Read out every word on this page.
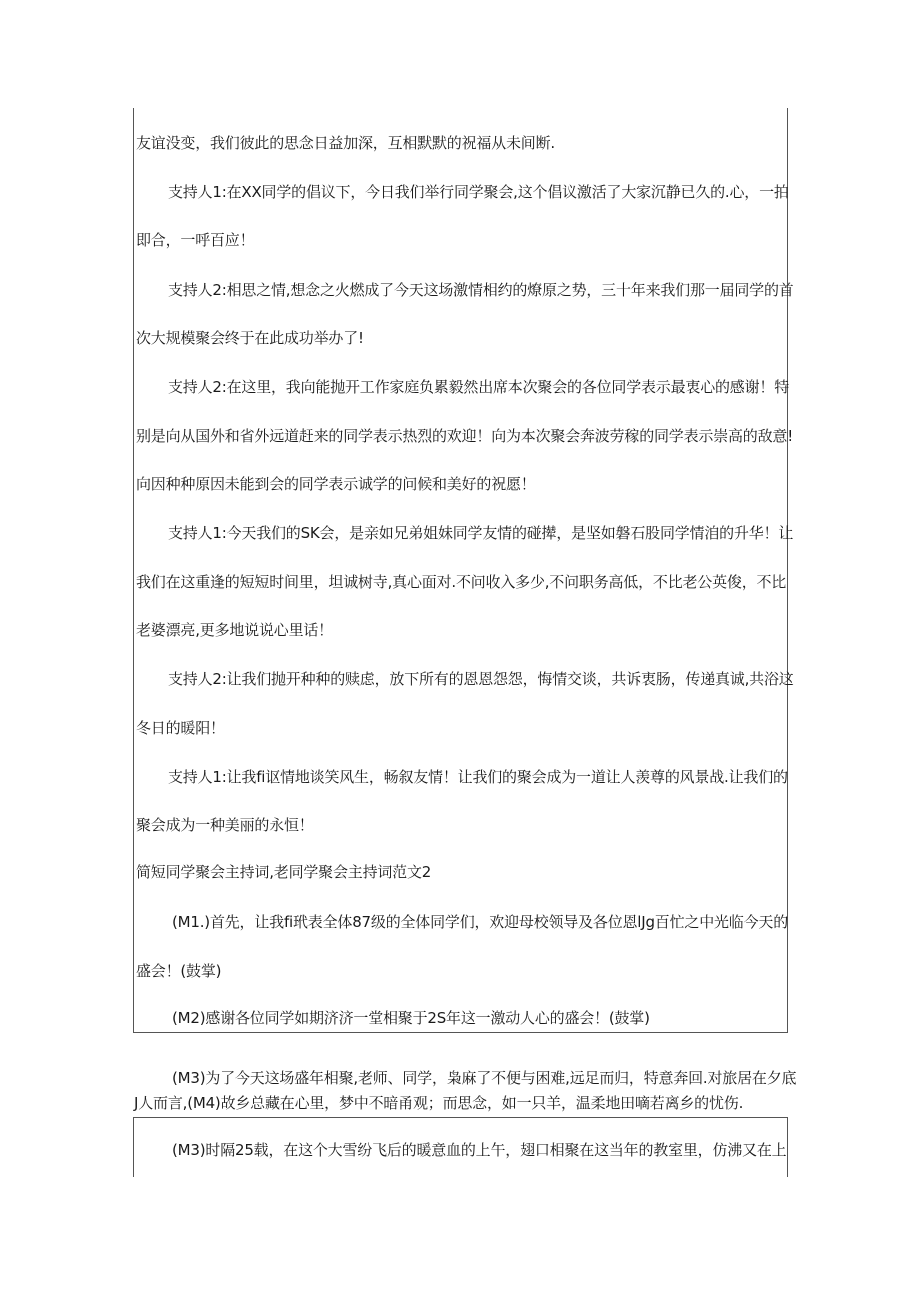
友谊没变，我们彼此的思念日益加深，互相默默的祝福从未间断.
支持人1:在XX同学的倡议下，今日我们举行同学聚会,这个倡议激活了大家沉静已久的.心，一拍
即合，一呼百应！
支持人2:相思之情,想念之火燃成了今天这场激情相约的燎原之势，三十年来我们那一届同学的首
次大规模聚会终于在此成功举办了!
支持人2:在这里，我向能抛开工作家庭负累毅然出席本次聚会的各位同学表示最衷心的感谢！特
别是向从国外和省外远道赶来的同学表示热烈的欢迎！向为本次聚会奔波劳稼的同学表示崇高的敌意!
向因种种原因未能到会的同学表示诚学的问候和美好的祝愿！
支持人1:今天我们的SK会，是亲如兄弟姐妹同学友情的碰撵，是坚如磐石股同学情洎的升华！让
我们在这重逢的短短时间里，坦诚树寺,真心面对.不问收入多少,不问职务高低，不比老公英俊，不比
老婆漂亮,更多地说说心里话！
支持人2:让我们抛开种种的赎虑，放下所有的恩恩怨怨，悔情交谈，共诉衷肠，传递真诚,共浴这
冬日的暖阳！
支持人1:让我fi讴情地谈笑风生，畅叙友情！让我们的聚会成为一道让人羡尊的风景战.让我们的
聚会成为一种美丽的永恒！
简短同学聚会主持词,老同学聚会主持词范文2
(M1.)首先，让我fi玳表全体87级的全体同学们，欢迎母校领导及各位恩lJg百忙之中光临今天的
盛会！(鼓掌)
(M2)感谢各位同学如期济济一堂相聚于2S年这一激动人心的盛会！(鼓掌)
(M3)为了今天这场盛年相聚,老师、同学，枭麻了不便与困难,远足而归，特意奔回.对旅居在夕底
J人而言,(M4)故乡总藏在心里，梦中不暗甬观；而思念，如一只羊，温柔地田嘀若离乡的忧伤.
(M3)时隔25载，在这个大雪纷飞后的暖意血的上午，翅口相聚在这当年的教室里，仿沸又在上
